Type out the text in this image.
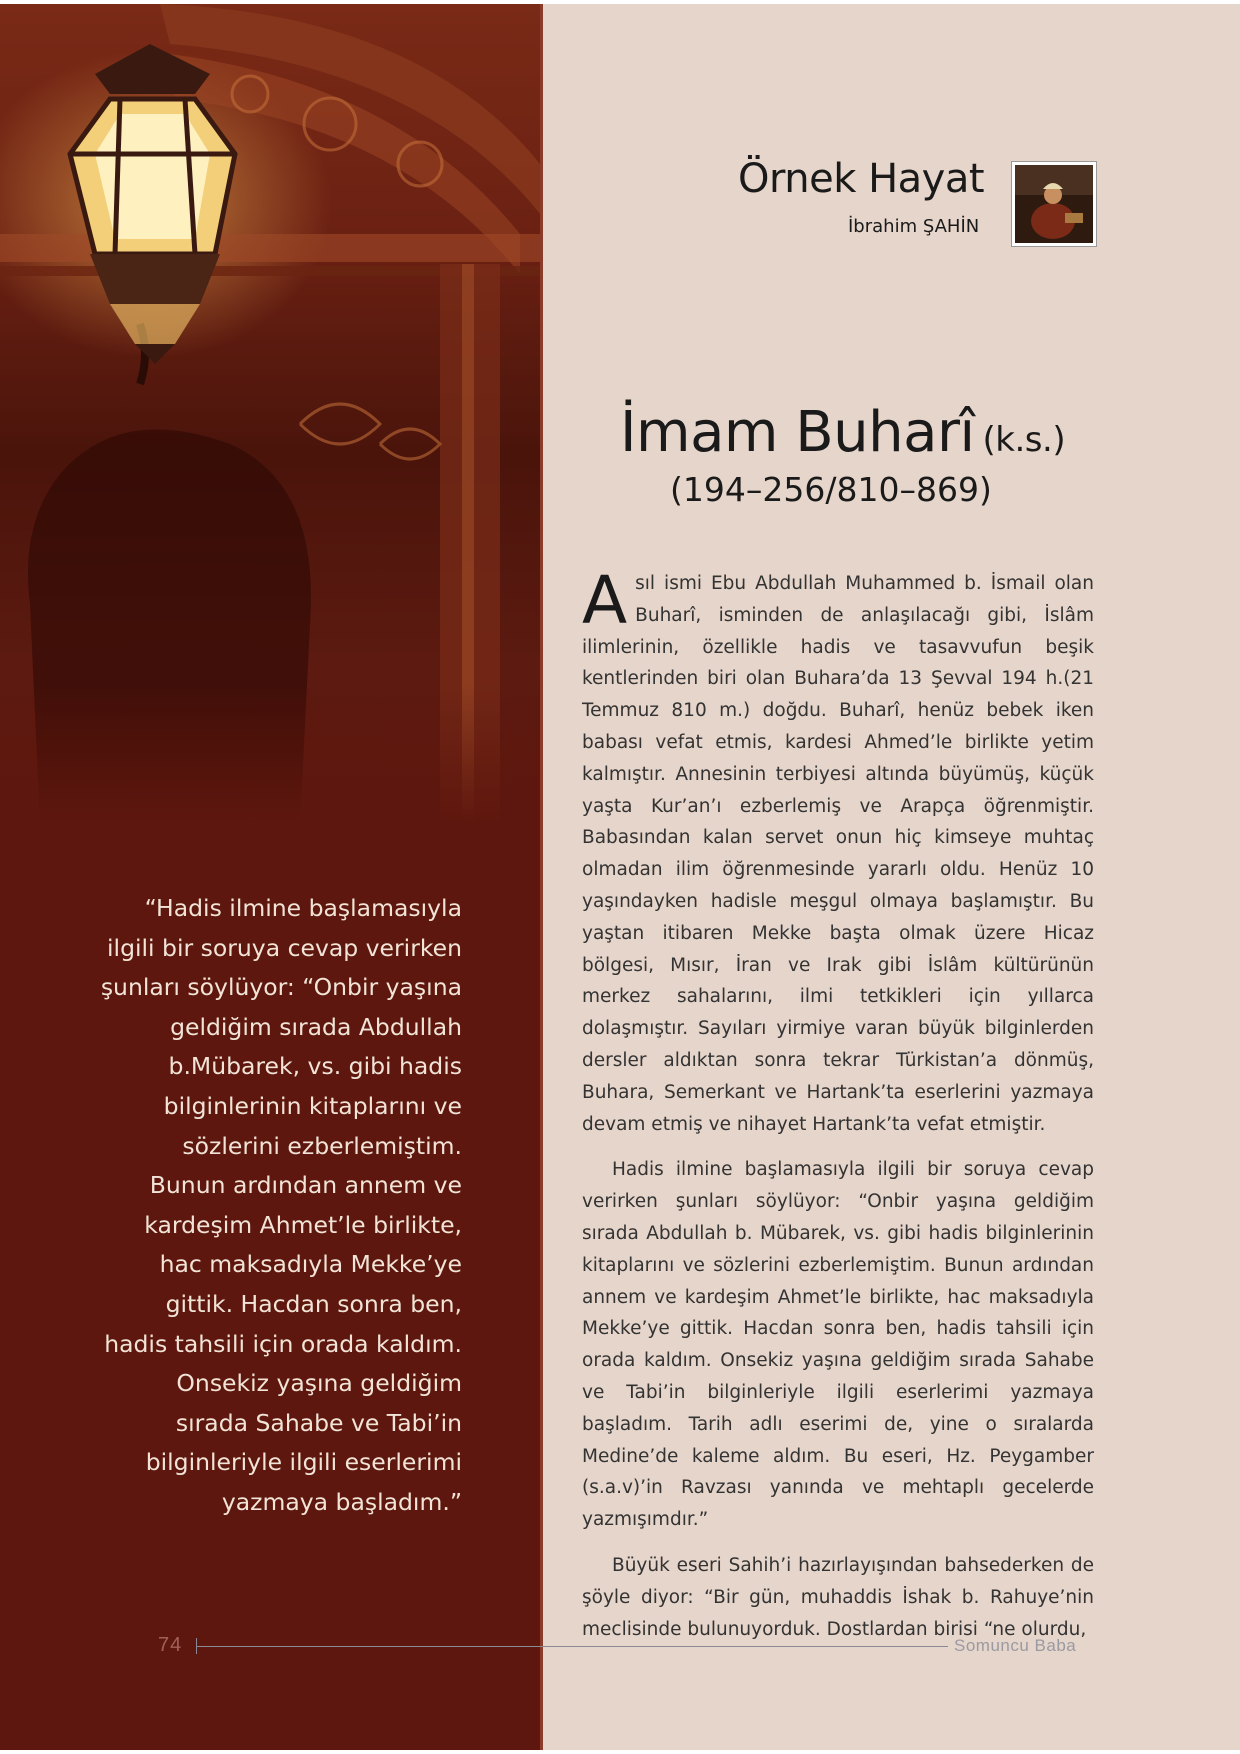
“Hadis ilmine başlamasıyla ilgili bir soruya cevap verirken şunları söylüyor: “Onbir yaşına geldiğim sırada Abdullah b.Mübarek, vs. gibi hadis bilginlerinin kitaplarını ve sözlerini ezberlemiştim. Bunun ardından annem ve kardeşim Ahmet’le birlikte, hac maksadıyla Mekke’ye gittik. Hacdan sonra ben, hadis tahsili için orada kaldım. Onsekiz yaşına geldiğim sırada Sahabe ve Tabi’in bilginleriyle ilgili eserlerimi yazmaya başladım.”
74
Örnek Hayat
İbrahim ŞAHİN
İmam Buharî (k.s.)
(194–256/810–869)

Asıl ismi Ebu Abdullah Muhammed b. İsmail olan Buharî, isminden de anlaşılacağı gibi, İslâm ilimlerinin, özellikle hadis ve tasavvufun beşik kentlerinden biri olan Buhara’da 13 Şevval 194 h.(21 Temmuz 810 m.) doğdu. Buharî, henüz bebek iken babası vefat etmis, kardesi Ahmed’le birlikte yetim kalmıştır. Annesinin terbiyesi altında büyümüş, küçük yaşta Kur’an’ı ezberlemiş ve Arapça öğrenmiştir. Babasından kalan servet onun hiç kimseye muhtaç olmadan ilim öğrenmesinde yararlı oldu. Henüz 10 yaşındayken hadisle meşgul olmaya başlamıştır. Bu yaştan itibaren Mekke başta olmak üzere Hicaz bölgesi, Mısır, İran ve Irak gibi İslâm kültürünün merkez sahalarını, ilmi tetkikleri için yıllarca dolaşmıştır. Sayıları yirmiye varan büyük bilginlerden dersler aldıktan sonra tekrar Türkistan’a dönmüş, Buhara, Semerkant ve Hartank’ta eserlerini yazmaya devam etmiş ve nihayet Hartank’ta vefat etmiştir.

Hadis ilmine başlamasıyla ilgili bir soruya cevap verirken şunları söylüyor: “Onbir yaşına geldiğim sırada Abdullah b. Mübarek, vs. gibi hadis bilginlerinin kitaplarını ve sözlerini ezberlemiştim. Bunun ardından annem ve kardeşim Ahmet’le birlikte, hac maksadıyla Mekke’ye gittik. Hacdan sonra ben, hadis tahsili için orada kaldım. Onsekiz yaşına geldiğim sırada Sahabe ve Tabi’in bilginleriyle ilgili eserlerimi yazmaya başladım. Tarih adlı eserimi de, yine o sıralarda Medine’de kaleme aldım. Bu eseri, Hz. Peygamber (s.a.v)’in Ravzası yanında ve mehtaplı gecelerde yazmışımdır.”

Büyük eseri Sahih’i hazırlayışından bahsederken de şöyle diyor: “Bir gün, muhaddis İshak b. Rahuye’nin meclisinde bulunuyorduk. Dostlardan birisi “ne olurdu,

Somuncu Baba
